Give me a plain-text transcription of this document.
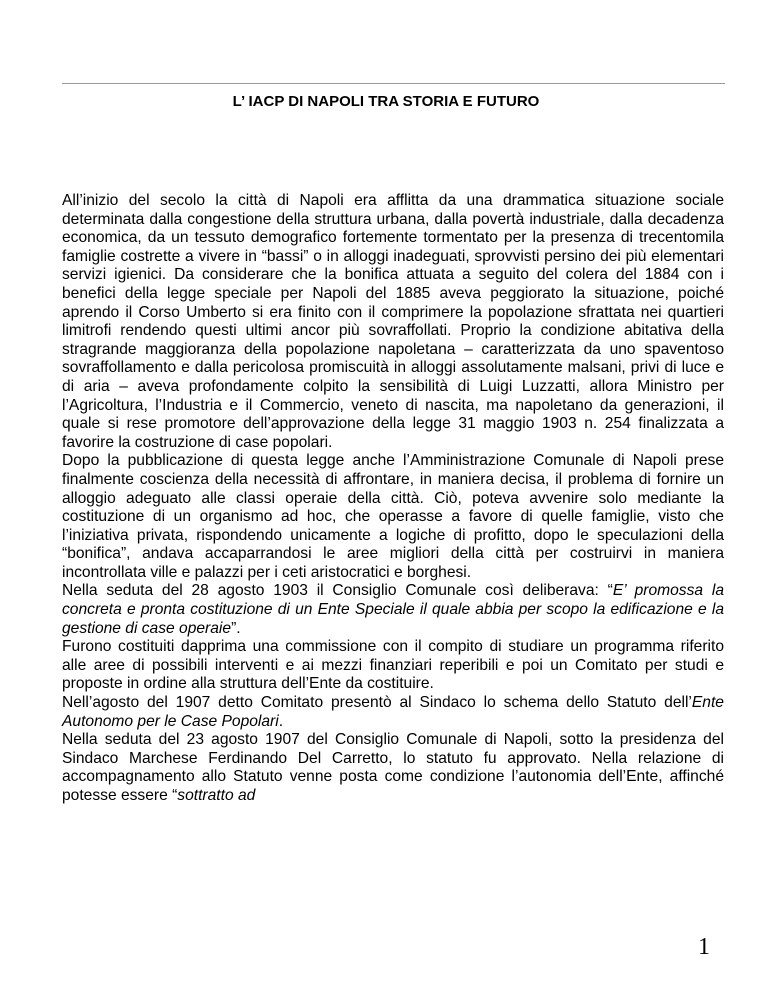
L’ IACP DI NAPOLI TRA STORIA E FUTURO

All’inizio del secolo la città di Napoli era afflitta da una drammatica situazione sociale determinata dalla congestione della struttura urbana, dalla povertà industriale, dalla decadenza economica, da un tessuto demografico fortemente tormentato per la presenza di trecentomila famiglie costrette a vivere in “bassi” o in alloggi inadeguati, sprovvisti persino dei più elementari servizi igienici. Da considerare che la bonifica attuata a seguito del colera del 1884 con i benefici della legge speciale per Napoli del 1885 aveva peggiorato la situazione, poiché aprendo il Corso Umberto si era finito con il comprimere la popolazione sfrattata nei quartieri limitrofi rendendo questi ultimi ancor più sovraffollati. Proprio la condizione abitativa della stragrande maggioranza della popolazione napoletana – caratterizzata da uno spaventoso sovraffollamento e dalla pericolosa promiscuità in alloggi assolutamente malsani, privi di luce e di aria – aveva profondamente colpito la sensibilità di Luigi Luzzatti, allora Ministro per l’Agricoltura, l’Industria e il Commercio, veneto di nascita, ma napoletano da generazioni, il quale si rese promotore dell’approvazione della legge 31 maggio 1903 n. 254 finalizzata a favorire la costruzione di case popolari.

Dopo la pubblicazione di questa legge anche l’Amministrazione Comunale di Napoli prese finalmente coscienza della necessità di affrontare, in maniera decisa, il problema di fornire un alloggio adeguato alle classi operaie della città. Ciò, poteva avvenire solo mediante la costituzione di un organismo ad hoc, che operasse a favore di quelle famiglie, visto che l’iniziativa privata, rispondendo unicamente a logiche di profitto, dopo le speculazioni della “bonifica”, andava accaparrandosi le aree migliori della città per costruirvi in maniera incontrollata ville e palazzi per i ceti aristocratici e borghesi.

Nella seduta del 28 agosto 1903 il Consiglio Comunale così deliberava: “E’ promossa la concreta e pronta costituzione di un Ente Speciale il quale abbia per scopo la edificazione e la gestione di case operaie”.

Furono costituiti dapprima una commissione con il compito di studiare un programma riferito alle aree di possibili interventi e ai mezzi finanziari reperibili e poi un Comitato per studi e proposte in ordine alla struttura dell’Ente da costituire.

Nell’agosto del 1907 detto Comitato presentò al Sindaco lo schema dello Statuto dell’Ente Autonomo per le Case Popolari.

Nella seduta del 23 agosto 1907 del Consiglio Comunale di Napoli, sotto la presidenza del Sindaco Marchese Ferdinando Del Carretto, lo statuto fu approvato. Nella relazione di accompagnamento allo Statuto venne posta come condizione l’autonomia dell’Ente, affinché potesse essere “sottratto ad

1
